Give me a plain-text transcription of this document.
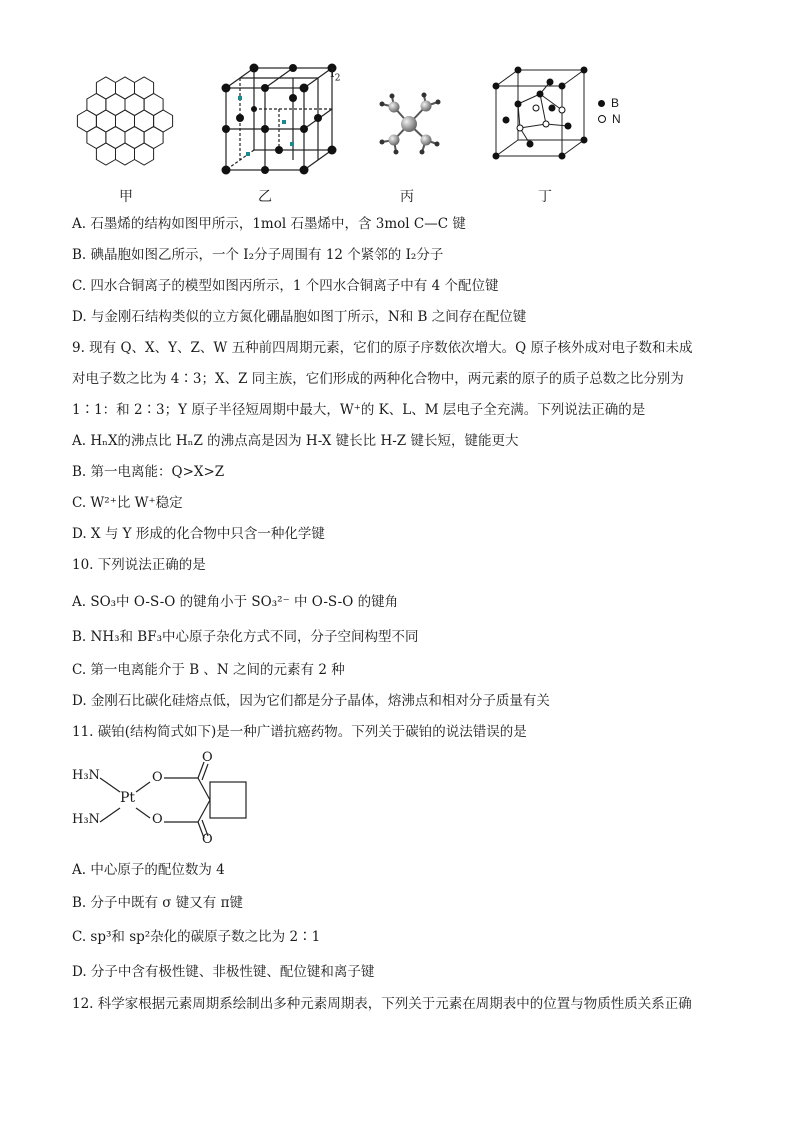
甲
$I_2$
乙	丙
B
N
丁
A. 石墨烯的结构如图甲所示，1mol 石墨烯中，含 3mol C—C 键
B. 碘晶胞如图乙所示，一个 I₂分子周围有 12 个紧邻的 I₂分子
C. 四水合铜离子的模型如图丙所示，1 个四水合铜离子中有 4 个配位键
D. 与金刚石结构类似的立方氮化硼晶胞如图丁所示，N和 B 之间存在配位键
9. 现有 Q、X、Y、Z、W 五种前四周期元素，它们的原子序数依次增大。Q 原子核外成对电子数和未成
对电子数之比为 4∶3；X、Z 同主族，它们形成的两种化合物中，两元素的原子的质子总数之比分别为
1∶1：和 2∶3；Y 原子半径短周期中最大，W⁺的 K、L、M 层电子全充满。下列说法正确的是
A. HₙX的沸点比 HₙZ 的沸点高是因为 H-X 键长比 H-Z 键长短，键能更大
B. 第一电离能：Q>X>Z
C. W²⁺比 W⁺稳定
D. X 与 Y 形成的化合物中只含一种化学键
10. 下列说法正确的是
A. SO₃中 O-S-O 的键角小于 SO₃²⁻ 中 O-S-O 的键角
B. NH₃和 BF₃中心原子杂化方式不同，分子空间构型不同
C. 第一电离能介于 B 、N 之间的元素有 2 种
D. 金刚石比碳化硅熔点低，因为它们都是分子晶体，熔沸点和相对分子质量有关
11. 碳铂(结构简式如下)是一种广谱抗癌药物。下列关于碳铂的说法错误的是
H₃N
H₃N
Pt
O
O
O
O
A. 中心原子的配位数为 4
B. 分子中既有 σ 键又有 π键
C. sp³和 sp²杂化的碳原子数之比为 2∶1
D. 分子中含有极性键、非极性键、配位键和离子键
12. 科学家根据元素周期系绘制出多种元素周期表，下列关于元素在周期表中的位置与物质性质关系正确
